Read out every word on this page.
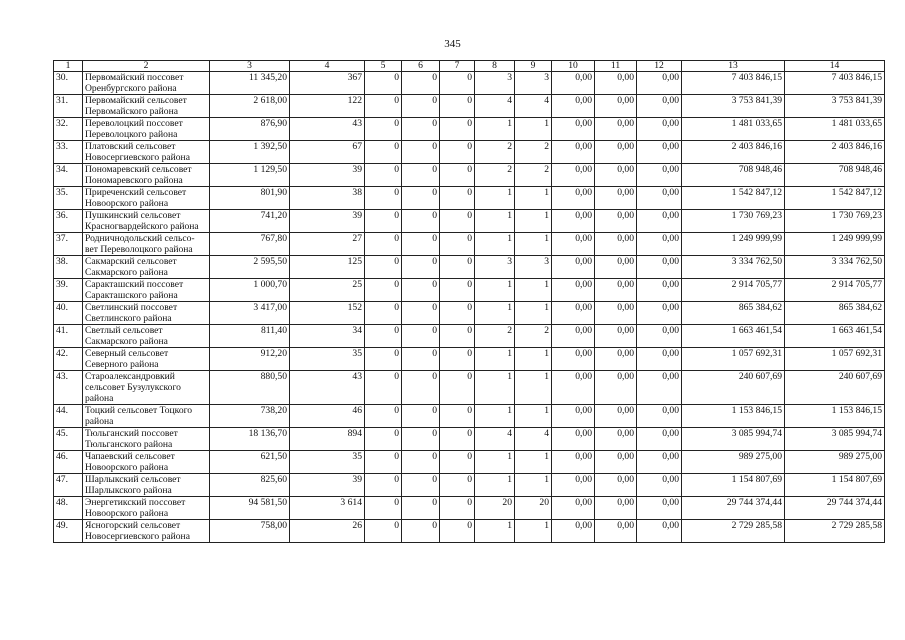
345
1	2	3	4	5	6	7	8	9	10	11	12	13	14
30.	Первомайский поссовет Оренбургского района	11 345,20	367	0	0	0	3	3	0,00	0,00	0,00	7 403 846,15	7 403 846,15
31.	Первомайский сельсовет Первомайского района	2 618,00	122	0	0	0	4	4	0,00	0,00	0,00	3 753 841,39	3 753 841,39
32.	Переволоцкий поссовет Переволоцкого района	876,90	43	0	0	0	1	1	0,00	0,00	0,00	1 481 033,65	1 481 033,65
33.	Платовский сельсовет Новосергиевского района	1 392,50	67	0	0	0	2	2	0,00	0,00	0,00	2 403 846,16	2 403 846,16
34.	Пономаревский сельсовет Пономаревского района	1 129,50	39	0	0	0	2	2	0,00	0,00	0,00	708 948,46	708 948,46
35.	Приреченский сельсовет Новоорского района	801,90	38	0	0	0	1	1	0,00	0,00	0,00	1 542 847,12	1 542 847,12
36.	Пушкинский сельсовет Красногвардейского района	741,20	39	0	0	0	1	1	0,00	0,00	0,00	1 730 769,23	1 730 769,23
37.	Родничнодольский сельсо-вет Переволоцкого района	767,80	27	0	0	0	1	1	0,00	0,00	0,00	1 249 999,99	1 249 999,99
38.	Сакмарский сельсовет Сакмарского района	2 595,50	125	0	0	0	3	3	0,00	0,00	0,00	3 334 762,50	3 334 762,50
39.	Саракташский поссовет Саракташского района	1 000,70	25	0	0	0	1	1	0,00	0,00	0,00	2 914 705,77	2 914 705,77
40.	Светлинский поссовет Светлинского района	3 417,00	152	0	0	0	1	1	0,00	0,00	0,00	865 384,62	865 384,62
41.	Светлый сельсовет Сакмарского района	811,40	34	0	0	0	2	2	0,00	0,00	0,00	1 663 461,54	1 663 461,54
42.	Северный сельсовет Северного района	912,20	35	0	0	0	1	1	0,00	0,00	0,00	1 057 692,31	1 057 692,31
43.	Староалександровкий сельсовет Бузулукского района	880,50	43	0	0	0	1	1	0,00	0,00	0,00	240 607,69	240 607,69
44.	Тоцкий сельсовет Тоцкого района	738,20	46	0	0	0	1	1	0,00	0,00	0,00	1 153 846,15	1 153 846,15
45.	Тюльганский поссовет Тюльганского района	18 136,70	894	0	0	0	4	4	0,00	0,00	0,00	3 085 994,74	3 085 994,74
46.	Чапаевский сельсовет Новоорского района	621,50	35	0	0	0	1	1	0,00	0,00	0,00	989 275,00	989 275,00
47.	Шарлыкский сельсовет Шарлыкского района	825,60	39	0	0	0	1	1	0,00	0,00	0,00	1 154 807,69	1 154 807,69
48.	Энергетикский поссовет Новоорского района	94 581,50	3 614	0	0	0	20	20	0,00	0,00	0,00	29 744 374,44	29 744 374,44
49.	Ясногорский сельсовет Новосергиевского района	758,00	26	0	0	0	1	1	0,00	0,00	0,00	2 729 285,58	2 729 285,58
